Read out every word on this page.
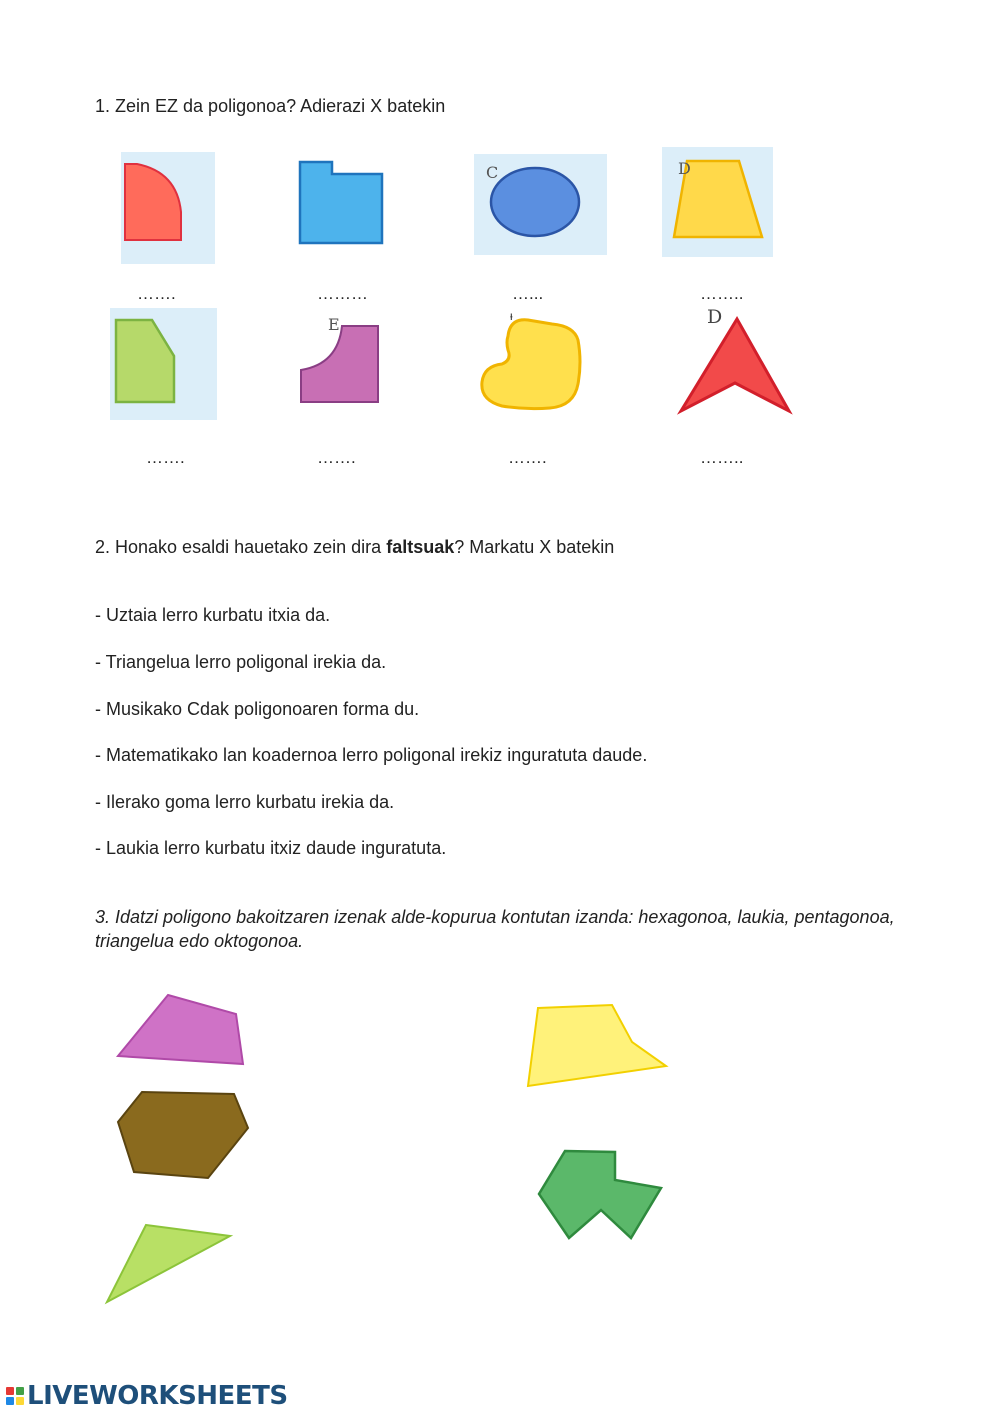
1. Zein EZ da poligonoa? Adierazi X batekin
C	D
…….	………	…...	……..
E	ᵻ	D
…….	…….	…….	……..
2. Honako esaldi hauetako zein dira faltsuak? Markatu X batekin
- Uztaia lerro kurbatu itxia da.
- Triangelua lerro poligonal irekia da.
- Musikako Cdak poligonoaren forma du.
- Matematikako lan koadernoa lerro poligonal irekiz inguratuta daude.
- Ilerako goma lerro kurbatu irekia da.
- Laukia lerro kurbatu itxiz daude inguratuta.
3. Idatzi poligono bakoitzaren izenak alde-kopurua kontutan izanda: hexagonoa, laukia, pentagonoa, triangelua edo oktogonoa.
LIVEWORKSHEETS
